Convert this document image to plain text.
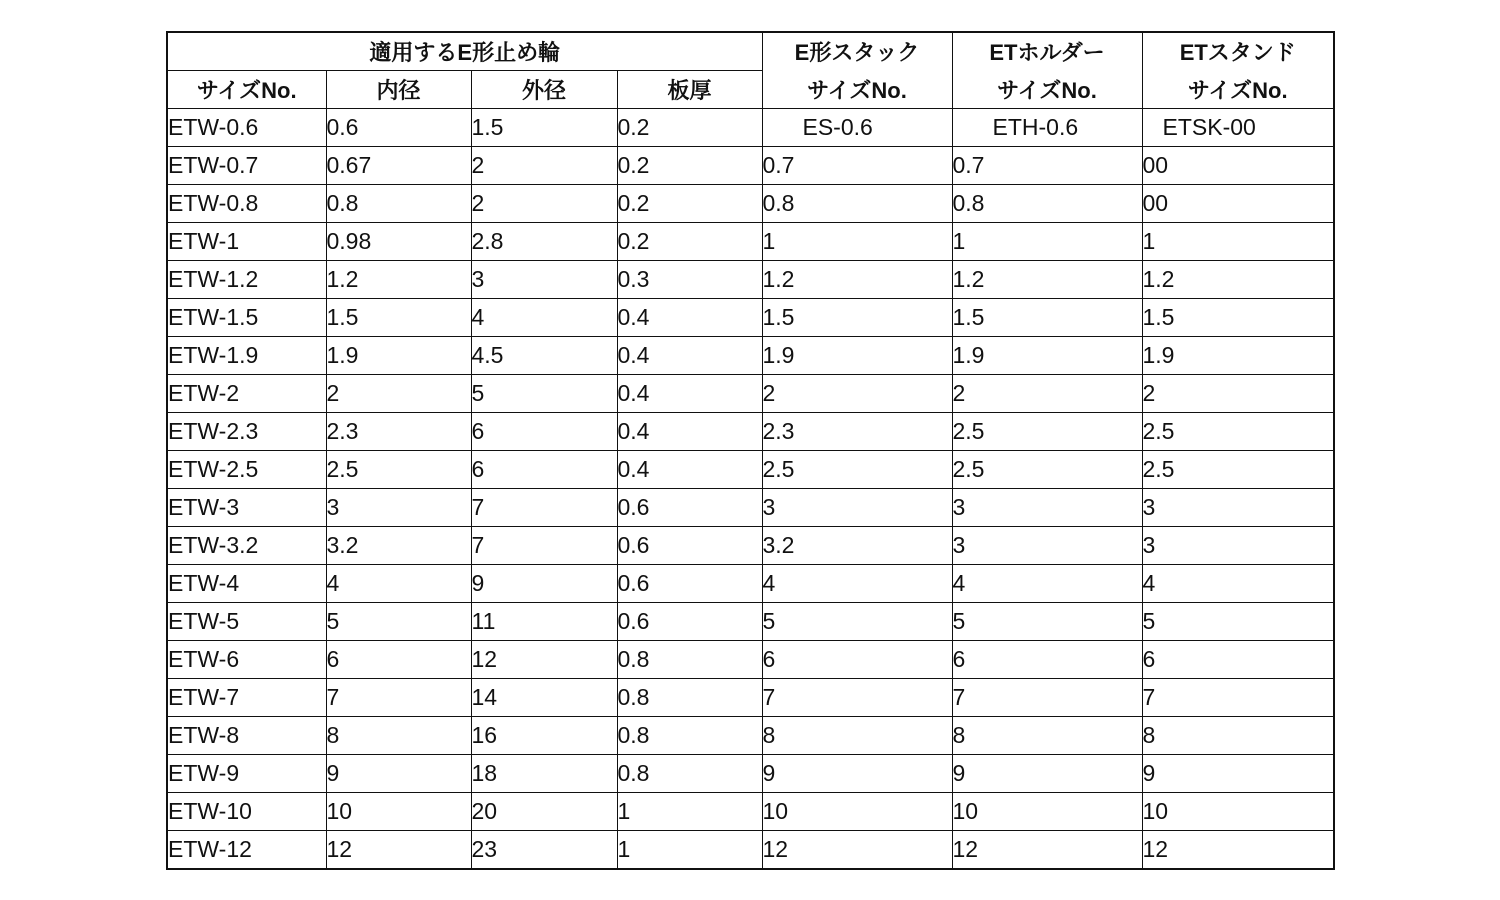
適用するE形止め輪				E形スタック	ETホルダー	ETスタンド
サイズNo.	内径	外径	板厚	サイズNo.	サイズNo.	サイズNo.
ETW-0.6	0.6	1.5	0.2	ES-0.6	ETH-0.6	ETSK-00
ETW-0.7	0.67	2	0.2	0.7	0.7	00
ETW-0.8	0.8	2	0.2	0.8	0.8	00
ETW-1	0.98	2.8	0.2	1	1	1
ETW-1.2	1.2	3	0.3	1.2	1.2	1.2
ETW-1.5	1.5	4	0.4	1.5	1.5	1.5
ETW-1.9	1.9	4.5	0.4	1.9	1.9	1.9
ETW-2	2	5	0.4	2	2	2
ETW-2.3	2.3	6	0.4	2.3	2.5	2.5
ETW-2.5	2.5	6	0.4	2.5	2.5	2.5
ETW-3	3	7	0.6	3	3	3
ETW-3.2	3.2	7	0.6	3.2	3	3
ETW-4	4	9	0.6	4	4	4
ETW-5	5	11	0.6	5	5	5
ETW-6	6	12	0.8	6	6	6
ETW-7	7	14	0.8	7	7	7
ETW-8	8	16	0.8	8	8	8
ETW-9	9	18	0.8	9	9	9
ETW-10	10	20	1	10	10	10
ETW-12	12	23	1	12	12	12
